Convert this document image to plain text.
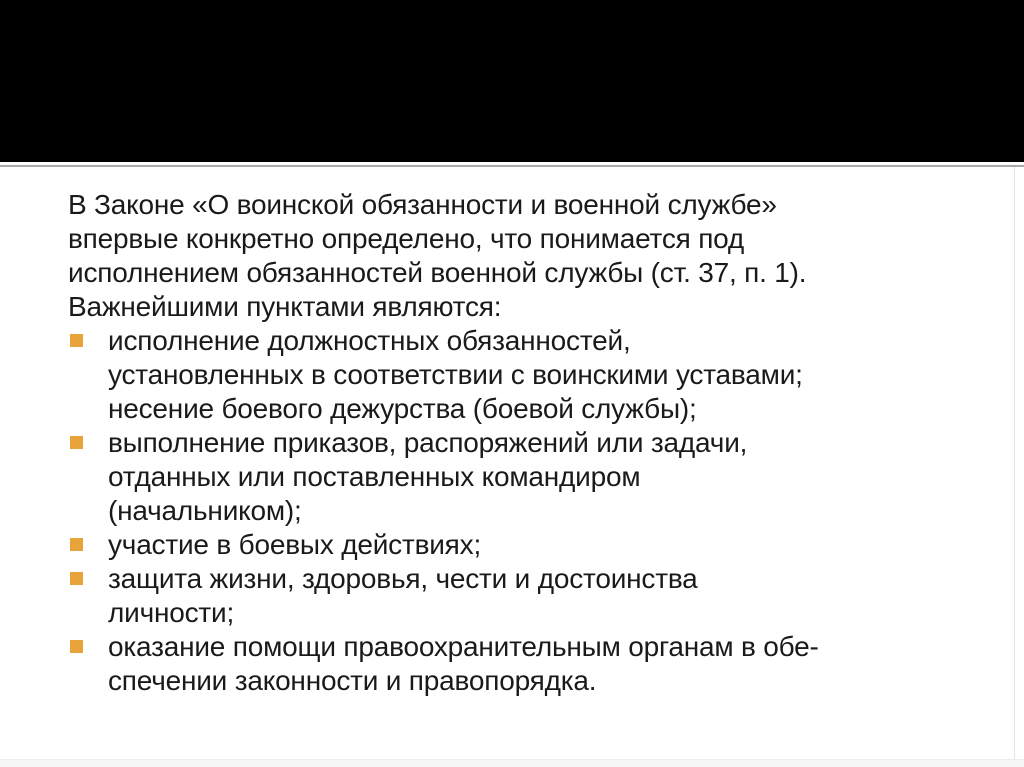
В Законе «О воинской обязанности и военной службе»
впервые конкретно определено, что понимается под
исполнением обязанностей военной службы (ст. 37, п. 1).
Важнейшими пунктами являются:
исполнение должностных обязанностей,
установленных в соответствии с воинскими уставами;
несение боевого дежурства (боевой службы);
выполнение приказов, распоряжений или задачи,
отданных или поставленных командиром
(начальником);
участие в боевых действиях;
защита жизни, здоровья, чести и достоинства
личности;
оказание помощи правоохранительным органам в обе-
спечении законности и правопорядка.
